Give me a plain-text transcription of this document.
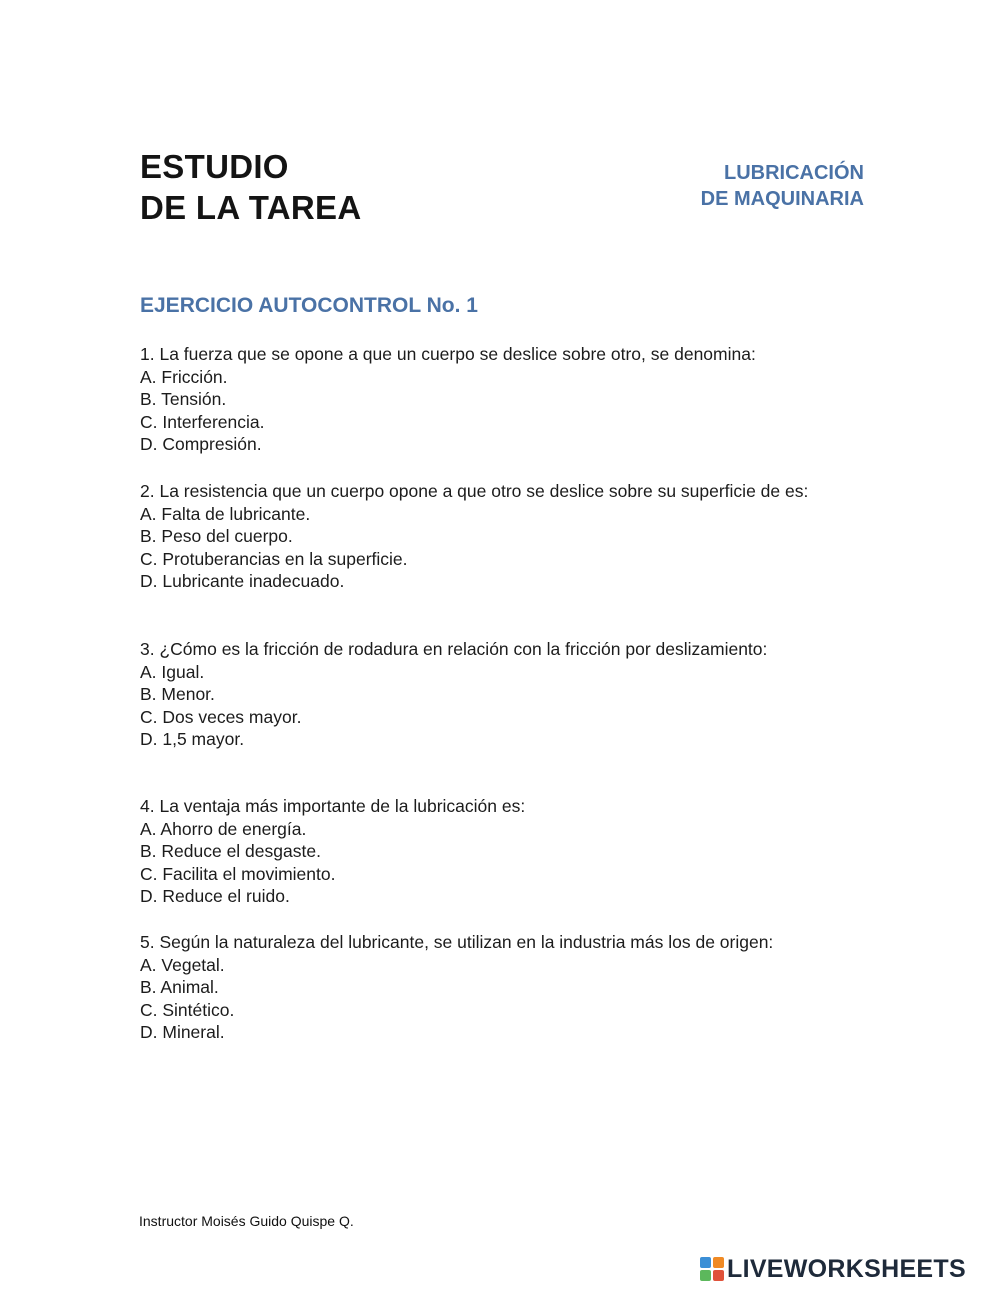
ESTUDIO
DE LA TAREA
LUBRICACIÓN
DE MAQUINARIA
EJERCICIO AUTOCONTROL No. 1
1. La fuerza que se opone a que un cuerpo se deslice sobre otro, se denomina:
A. Fricción.
B. Tensión.
C. Interferencia.
D. Compresión.
2. La resistencia que un cuerpo opone a que otro se deslice sobre su superficie de es:
A. Falta de lubricante.
B. Peso del cuerpo.
C. Protuberancias en la superficie.
D. Lubricante inadecuado.
3. ¿Cómo es la fricción de rodadura en relación con la fricción por deslizamiento:
A. Igual.
B. Menor.
C. Dos veces mayor.
D. 1,5 mayor.
4. La ventaja más importante de la lubricación es:
A. Ahorro de energía.
B. Reduce el desgaste.
C. Facilita el movimiento.
D. Reduce el ruido.
5. Según la naturaleza del lubricante, se utilizan en la industria más los de origen:
A. Vegetal.
B. Animal.
C. Sintético.
D. Mineral.
Instructor Moisés Guido Quispe Q.
LIVEWORKSHEETS
